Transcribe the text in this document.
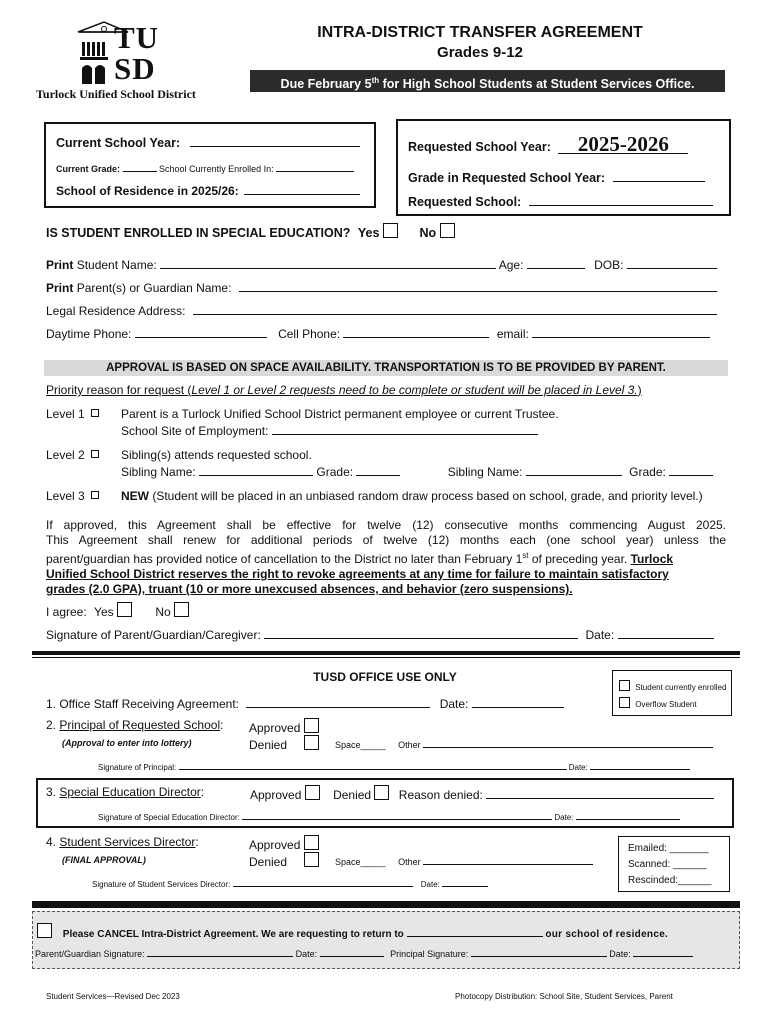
TUSD
Turlock Unified School District
INTRA-DISTRICT TRANSFER AGREEMENT
Grades 9-12
Due February 5th for High School Students at Student Services Office.
Current School Year:
Current Grade:	School Currently Enrolled In:
School of Residence in 2025/26:
Requested School Year: 2025-2026
Grade in Requested School Year:
Requested School:
IS STUDENT ENROLLED IN SPECIAL EDUCATION? Yes	No
Print Student Name:	Age:	DOB:
Print Parent(s) or Guardian Name:
Legal Residence Address:
Daytime Phone:	Cell Phone:	email:
APPROVAL IS BASED ON SPACE AVAILABILITY. TRANSPORTATION IS TO BE PROVIDED BY PARENT.
Priority reason for request (Level 1 or Level 2 requests need to be complete or student will be placed in Level 3.)
Level 1	Parent is a Turlock Unified School District permanent employee or current Trustee.
School Site of Employment:
Level 2	Sibling(s) attends requested school.
Sibling Name:	Grade:	Sibling Name:	Grade:
Level 3	NEW (Student will be placed in an unbiased random draw process based on school, grade, and priority level.)
If approved, this Agreement shall be effective for twelve (12) consecutive months commencing August 2025.
This Agreement shall renew for additional periods of twelve (12) months each (one school year) unless the
parent/guardian has provided notice of cancellation to the District no later than February 1st of preceding year. Turlock
Unified School District reserves the right to revoke agreements at any time for failure to maintain satisfactory
grades (2.0 GPA), truant (10 or more unexcused absences, and behavior (zero suspensions).
I agree: Yes	No
Signature of Parent/Guardian/Caregiver:	Date:
TUSD OFFICE USE ONLY
Student currently enrolled
Overflow Student
1. Office Staff Receiving Agreement:	Date:
2. Principal of Requested School:
(Approval to enter into lottery)
Approved
Denied	Space_____ Other
Signature of Principal:	Date:
3. Special Education Director:	Approved	Denied Reason denied:
Signature of Special Education Director:	Date:
4. Student Services Director:
(FINAL APPROVAL)
Approved
Denied	Space_____ Other
Emailed: _______
Scanned: ______
Rescinded:______
Signature of Student Services Director:	Date:
Please CANCEL Intra-District Agreement. We are requesting to return to	our school of residence.
Parent/Guardian Signature:	Date:	Principal Signature:	Date:
Student Services—Revised Dec 2023	Photocopy Distribution: School Site, Student Services, Parent
